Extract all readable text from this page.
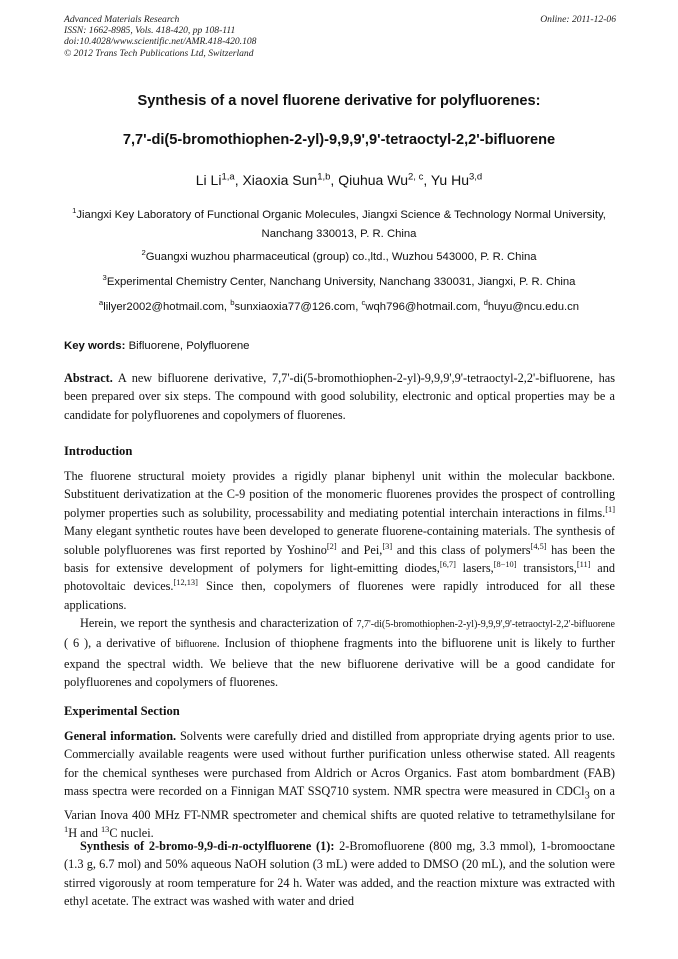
Advanced Materials Research
ISSN: 1662-8985, Vols. 418-420, pp 108-111
doi:10.4028/www.scientific.net/AMR.418-420.108
© 2012 Trans Tech Publications Ltd, Switzerland
Online: 2011-12-06
Synthesis of a novel fluorene derivative for polyfluorenes:
7,7'-di(5-bromothiophen-2-yl)-9,9,9',9'-tetraoctyl-2,2'-bifluorene
Li Li$^{1,a}$, Xiaoxia Sun$^{1,b}$, Qiuhua Wu$^{2, c}$, Yu Hu$^{3,d}$
$^1$Jiangxi Key Laboratory of Functional Organic Molecules, Jiangxi Science & Technology Normal University, Nanchang 330013, P. R. China
$^2$Guangxi wuzhou pharmaceutical (group) co.,ltd., Wuzhou 543000, P. R. China
$^3$Experimental Chemistry Center, Nanchang University, Nanchang 330031, Jiangxi, P. R. China
$^a$lilyer2002@hotmail.com, $^b$sunxiaoxia77@126.com, $^c$wqh796@hotmail.com, $^d$huyu@ncu.edu.cn
Key words: Bifluorene, Polyfluorene
Abstract. A new bifluorene derivative, 7,7'-di(5-bromothiophen-2-yl)-9,9,9',9'-tetraoctyl-2,2'-bifluorene, has been prepared over six steps. The compound with good solubility, electronic and optical properties may be a candidate for polyfluorenes and copolymers of fluorenes.
Introduction
The fluorene structural moiety provides a rigidly planar biphenyl unit within the molecular backbone. Substituent derivatization at the C-9 position of the monomeric fluorenes provides the prospect of controlling polymer properties such as solubility, processability and mediating potential interchain interactions in films.[1] Many elegant synthetic routes have been developed to generate fluorene-containing materials. The synthesis of soluble polyfluorenes was first reported by Yoshino[2] and Pei,[3] and this class of polymers[4,5] has been the basis for extensive development of polymers for light-emitting diodes,[6,7] lasers,[8−10] transistors,[11] and photovoltaic devices.[12,13] Since then, copolymers of fluorenes were rapidly introduced for all these applications.
Herein, we report the synthesis and characterization of 7,7'-di(5-bromothiophen-2-yl)-9,9,9',9'-tetraoctyl-2,2'-bifluorene ( 6 ), a derivative of bifluorene. Inclusion of thiophene fragments into the bifluorene unit is likely to further expand the spectral width. We believe that the new bifluorene derivative will be a good candidate for polyfluorenes and copolymers of fluorenes.
Experimental Section
General information. Solvents were carefully dried and distilled from appropriate drying agents prior to use. Commercially available reagents were used without further purification unless otherwise stated. All reagents for the chemical syntheses were purchased from Aldrich or Acros Organics. Fast atom bombardment (FAB) mass spectra were recorded on a Finnigan MAT SSQ710 system. NMR spectra were measured in CDCl$_3$ on a Varian Inova 400 MHz FT-NMR spectrometer and chemical shifts are quoted relative to tetramethylsilane for $^1$H and $^{13}$C nuclei.
Synthesis of 2-bromo-9,9-di-n-octylfluorene (1): 2-Bromofluorene (800 mg, 3.3 mmol), 1-bromooctane (1.3 g, 6.7 mol) and 50% aqueous NaOH solution (3 mL) were added to DMSO (20 mL), and the solution were stirred vigorously at room temperature for 24 h. Water was added, and the reaction mixture was extracted with ethyl acetate. The extract was washed with water and dried
